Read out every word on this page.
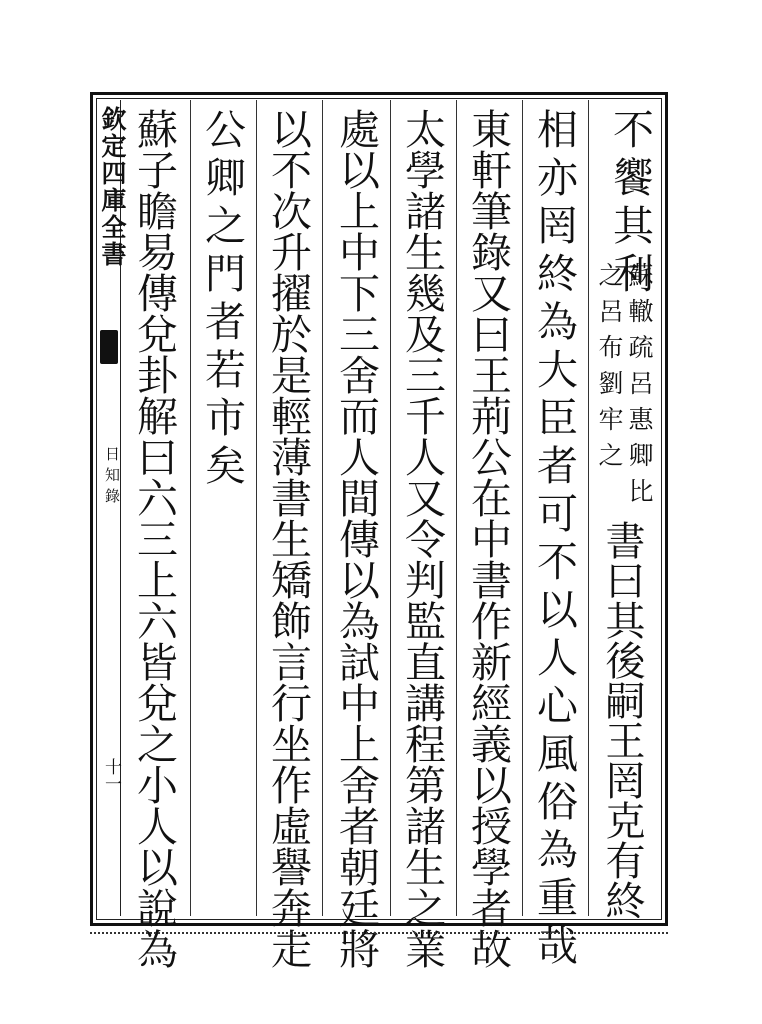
欽定四庫全書
日知錄
十一
不饗其利
蘇轍疏呂惠卿比
之呂布劉牢之
書曰其後嗣王罔克有終
相亦罔終為大臣者可不以人心風俗為重哉
東軒筆錄又曰王荊公在中書作新經義以授學者故
太學諸生幾及三千人又令判監直講程第諸生之業
處以上中下三舍而人間傳以為試中上舍者朝廷將
以不次升擢於是輕薄書生矯飾言行坐作虛譽奔走
公卿之門者若市矣
蘇子瞻易傳兌卦解曰六三上六皆兌之小人以說為
